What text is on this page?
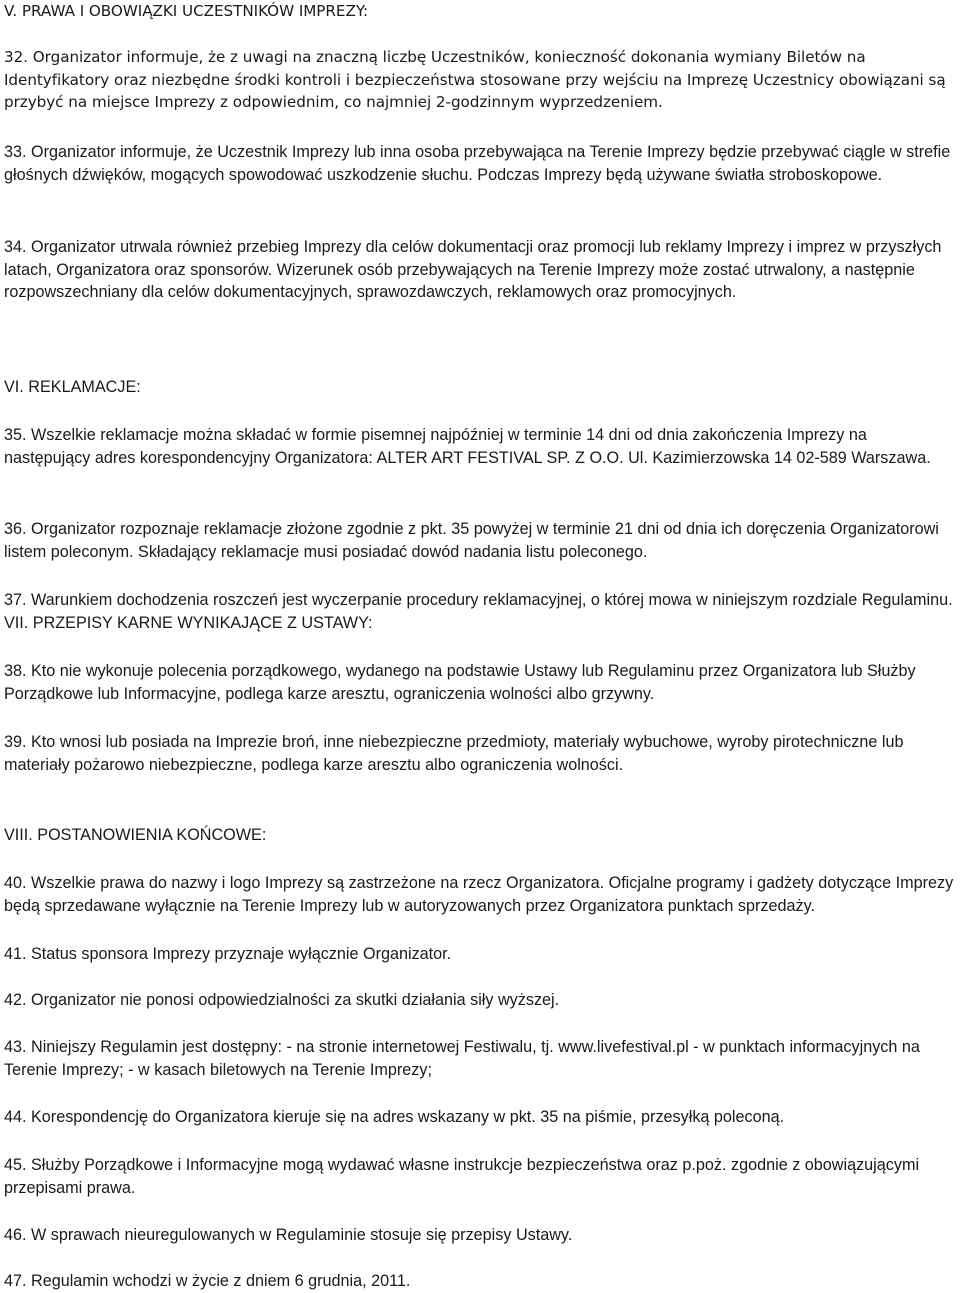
V. PRAWA I OBOWIĄZKI UCZESTNIKÓW IMPREZY:

32. Organizator informuje, że z uwagi na znaczną liczbę Uczestników, konieczność dokonania wymiany Biletów na Identyfikatory oraz niezbędne środki kontroli i bezpieczeństwa stosowane przy wejściu na Imprezę Uczestnicy obowiązani są przybyć na miejsce Imprezy z odpowiednim, co najmniej 2-godzinnym wyprzedzeniem.

33. Organizator informuje, że Uczestnik Imprezy lub inna osoba przebywająca na Terenie Imprezy będzie przebywać ciągle w strefie głośnych dźwięków, mogących spowodować uszkodzenie słuchu. Podczas Imprezy będą używane światła stroboskopowe.

34. Organizator utrwala również przebieg Imprezy dla celów dokumentacji oraz promocji lub reklamy Imprezy i imprez w przyszłych latach, Organizatora oraz sponsorów. Wizerunek osób przebywających na Terenie Imprezy może zostać utrwalony, a następnie rozpowszechniany dla celów dokumentacyjnych, sprawozdawczych, reklamowych oraz promocyjnych.

VI. REKLAMACJE:

35. Wszelkie reklamacje można składać w formie pisemnej najpóźniej w terminie 14 dni od dnia zakończenia Imprezy na następujący adres korespondencyjny Organizatora: ALTER ART FESTIVAL SP. Z O.O. Ul. Kazimierzowska 14 02-589 Warszawa.

36. Organizator rozpoznaje reklamacje złożone zgodnie z pkt. 35 powyżej w terminie 21 dni od dnia ich doręczenia Organizatorowi listem poleconym. Składający reklamacje musi posiadać dowód nadania listu poleconego.

37. Warunkiem dochodzenia roszczeń jest wyczerpanie procedury reklamacyjnej, o której mowa w niniejszym rozdziale Regulaminu. VII. PRZEPISY KARNE WYNIKAJĄCE Z USTAWY:

38. Kto nie wykonuje polecenia porządkowego, wydanego na podstawie Ustawy lub Regulaminu przez Organizatora lub Służby Porządkowe lub Informacyjne, podlega karze aresztu, ograniczenia wolności albo grzywny.

39. Kto wnosi lub posiada na Imprezie broń, inne niebezpieczne przedmioty, materiały wybuchowe, wyroby pirotechniczne lub materiały pożarowo niebezpieczne, podlega karze aresztu albo ograniczenia wolności.

VIII. POSTANOWIENIA KOŃCOWE:

40. Wszelkie prawa do nazwy i logo Imprezy są zastrzeżone na rzecz Organizatora. Oficjalne programy i gadżety dotyczące Imprezy będą sprzedawane wyłącznie na Terenie Imprezy lub w autoryzowanych przez Organizatora punktach sprzedaży.

41. Status sponsora Imprezy przyznaje wyłącznie Organizator.

42. Organizator nie ponosi odpowiedzialności za skutki działania siły wyższej.

43. Niniejszy Regulamin jest dostępny: - na stronie internetowej Festiwalu, tj. www.livefestival.pl - w punktach informacyjnych na Terenie Imprezy; - w kasach biletowych na Terenie Imprezy;

44. Korespondencję do Organizatora kieruje się na adres wskazany w pkt. 35 na piśmie, przesyłką poleconą.

45. Służby Porządkowe i Informacyjne mogą wydawać własne instrukcje bezpieczeństwa oraz p.poż. zgodnie z obowiązującymi przepisami prawa.

46. W sprawach nieuregulowanych w Regulaminie stosuje się przepisy Ustawy.

47. Regulamin wchodzi w życie z dniem 6 grudnia, 2011.
